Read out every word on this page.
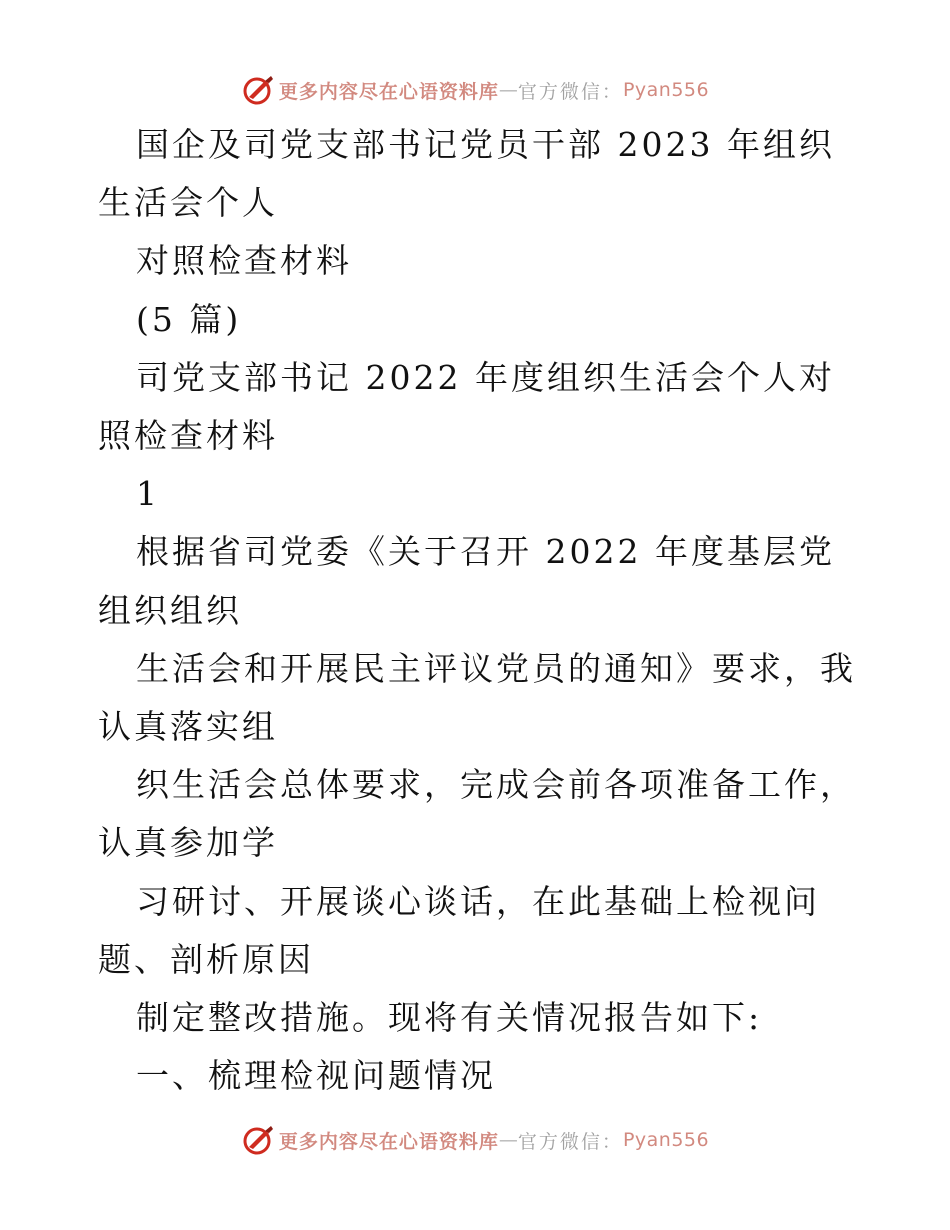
更多内容尽在心语资料库 — 官方微信： Pyan556

国企及司党支部书记党员干部 2023 年组织生活会个人

对照检查材料

(5 篇)

司党支部书记 2022 年度组织生活会个人对照检查材料

1

根据省司党委《关于召开 2022 年度基层党组织组织

生活会和开展民主评议党员的通知》要求，我认真落实组

织生活会总体要求，完成会前各项准备工作，认真参加学

习研讨、开展谈心谈话，在此基础上检视问题、剖析原因

制定整改措施。现将有关情况报告如下:

一、梳理检视问题情况

更多内容尽在心语资料库 — 官方微信： Pyan556
